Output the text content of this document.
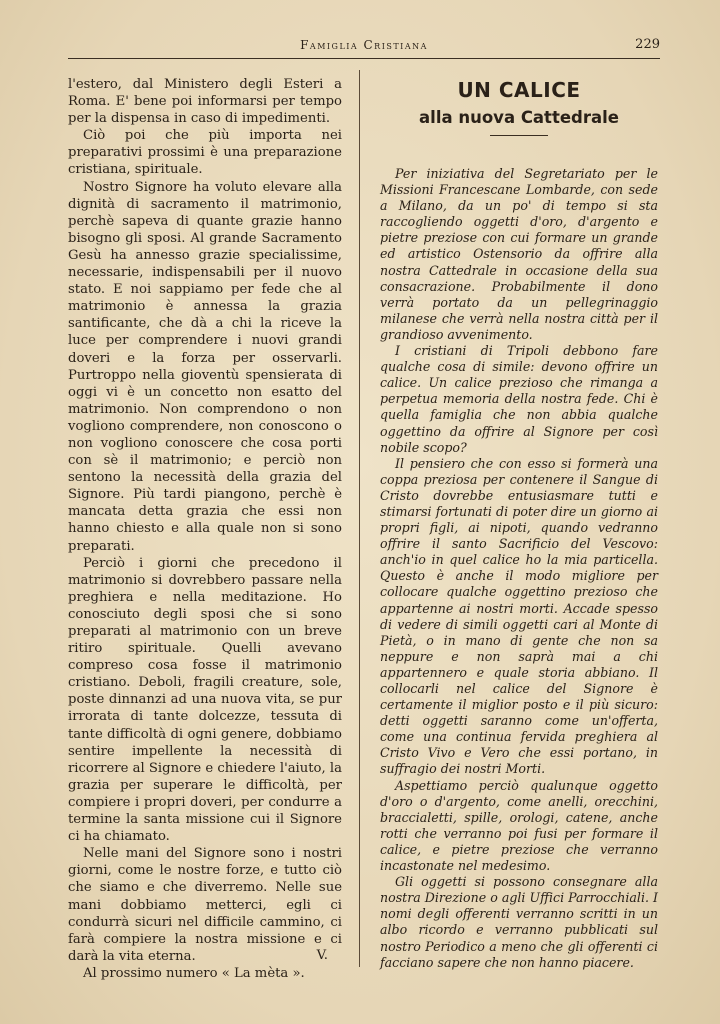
Famiglia Cristiana	229

l'estero, dal Ministero degli Esteri a Roma. E' bene poi informarsi per tempo per la dispensa in caso di impedimenti.

Ciò poi che più importa nei preparativi prossimi è una preparazione cristiana, spirituale.

Nostro Signore ha voluto elevare alla dignità di sacramento il matrimonio, perchè sapeva di quante grazie hanno bisogno gli sposi. Al grande Sacramento Gesù ha annesso grazie specialissime, necessarie, indispensabili per il nuovo stato. E noi sappiamo per fede che al matrimonio è annessa la grazia santificante, che dà a chi la riceve la luce per comprendere i nuovi grandi doveri e la forza per osservarli. Purtroppo nella gioventù spensierata di oggi vi è un concetto non esatto del matrimonio. Non comprendono o non vogliono comprendere, non conoscono o non vogliono conoscere che cosa porti con sè il matrimonio; e perciò non sentono la necessità della grazia del Signore. Più tardi piangono, perchè è mancata detta grazia che essi non hanno chiesto e alla quale non si sono preparati.

Perciò i giorni che precedono il matrimonio si dovrebbero passare nella preghiera e nella meditazione. Ho conosciuto degli sposi che si sono preparati al matrimonio con un breve ritiro spirituale. Quelli avevano compreso cosa fosse il matrimonio cristiano. Deboli, fragili creature, sole, poste dinnanzi ad una nuova vita, se pur irrorata di tante dolcezze, tessuta di tante difficoltà di ogni genere, dobbiamo sentire impellente la necessità di ricorrere al Signore e chiedere l'aiuto, la grazia per superare le difficoltà, per compiere i propri doveri, per condurre a termine la santa missione cui il Signore ci ha chiamato.

Nelle mani del Signore sono i nostri giorni, come le nostre forze, e tutto ciò che siamo e che diverremo. Nelle sue mani dobbiamo metterci, egli ci condurrà sicuri nel difficile cammino, ci farà compiere la nostra missione e ci darà la vita eterna.

Al prossimo numero « La mèta ».

V.
UN CALICE
alla nuova Cattedrale

Per iniziativa del Segretariato per le Missioni Francescane Lombarde, con sede a Milano, da un po' di tempo si sta raccogliendo oggetti d'oro, d'argento e pietre preziose con cui formare un grande ed artistico Ostensorio da offrire alla nostra Cattedrale in occasione della sua consacrazione. Probabilmente il dono verrà portato da un pellegrinaggio milanese che verrà nella nostra città per il grandioso avvenimento.

I cristiani di Tripoli debbono fare qualche cosa di simile: devono offrire un calice. Un calice prezioso che rimanga a perpetua memoria della nostra fede. Chi è quella famiglia che non abbia qualche oggettino da offrire al Signore per così nobile scopo?

Il pensiero che con esso si formerà una coppa preziosa per contenere il Sangue di Cristo dovrebbe entusiasmare tutti e stimarsi fortunati di poter dire un giorno ai propri figli, ai nipoti, quando vedranno offrire il santo Sacrificio del Vescovo: anch'io in quel calice ho la mia particella. Questo è anche il modo migliore per collocare qualche oggettino prezioso che appartenne ai nostri morti. Accade spesso di vedere di simili oggetti cari al Monte di Pietà, o in mano di gente che non sa neppure e non saprà mai a chi appartennero e quale storia abbiano. Il collocarli nel calice del Signore è certamente il miglior posto e il più sicuro: detti oggetti saranno come un'offerta, come una continua fervida preghiera al Cristo Vivo e Vero che essi portano, in suffragio dei nostri Morti.

Aspettiamo perciò qualunque oggetto d'oro o d'argento, come anelli, orecchini, braccialetti, spille, orologi, catene, anche rotti che verranno poi fusi per formare il calice, e pietre preziose che verranno incastonate nel medesimo.

Gli oggetti si possono consegnare alla nostra Direzione o agli Uffici Parrocchiali. I nomi degli offerenti verranno scritti in un albo ricordo e verranno pubblicati sul nostro Periodico a meno che gli offerenti ci facciano sapere che non hanno piacere.
